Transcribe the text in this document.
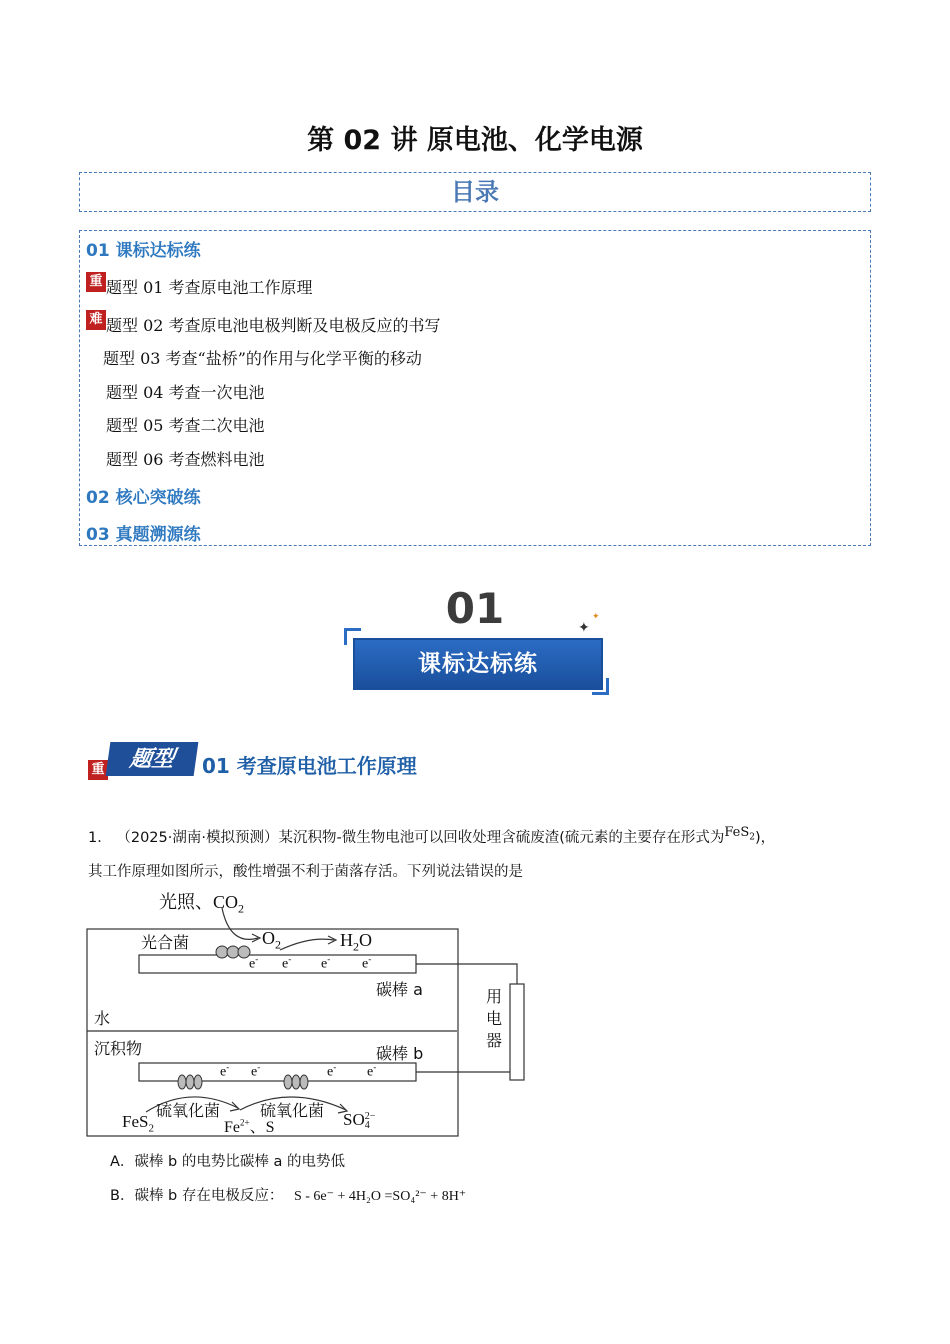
第 02 讲 原电池、化学电源
目录
01 课标达标练
重 题型 01 考查原电池工作原理
难 题型 02 考查原电池电极判断及电极反应的书写
题型 03 考查“盐桥”的作用与化学平衡的移动
题型 04 考查一次电池
题型 05 考查二次电池
题型 06 考查燃料电池
02 核心突破练
03 真题溯源练
01
课标达标练
✦
✦
重	题型	01 考查原电池工作原理
1． （2025·湖南·模拟预测）某沉积物-微生物电池可以回收处理含硫废渣(硫元素的主要存在形式为FeS$_2$)，
其工作原理如图所示，酸性增强不利于菌落存活。下列说法错误的是
光照、$CO_2$
光合菌	$O_2$	$H_2O$
e- e- e- e-
碳棒 a
水
沉积物	碳棒 b
用电器
e- e-	e- e-
硫氧化菌 硫氧化菌
FeS$_2$	$Fe^{2+}$、S	SO 2−
4
A．碳棒 b 的电势比碳棒 a 的电势低
B．碳棒 b 存在电极反应： S - 6e⁻ + 4H₂O =SO₄²⁻ + 8H⁺
